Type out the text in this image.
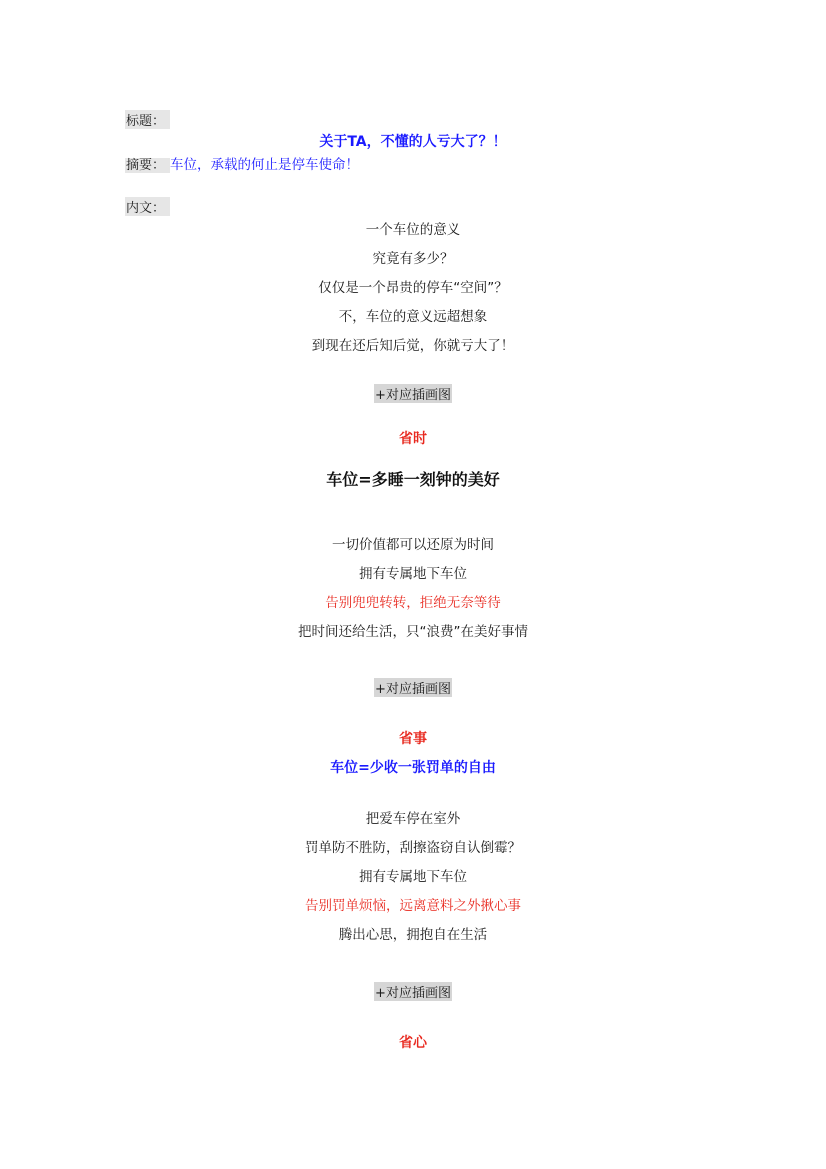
标题：
关于TA，不懂的人亏大了？！
摘要： 车位，承载的何止是停车使命！
内文：
一个车位的意义
究竟有多少？
仅仅是一个昂贵的停车“空间”？
不，车位的意义远超想象
到现在还后知后觉，你就亏大了！
+对应插画图
省时
车位=多睡一刻钟的美好
一切价值都可以还原为时间
拥有专属地下车位
告别兜兜转转，拒绝无奈等待
把时间还给生活，只“浪费”在美好事情
+对应插画图
省事
车位=少收一张罚单的自由
把爱车停在室外
罚单防不胜防，刮擦盗窃自认倒霉？
拥有专属地下车位
告别罚单烦恼，远离意料之外揪心事
腾出心思，拥抱自在生活
+对应插画图
省心
